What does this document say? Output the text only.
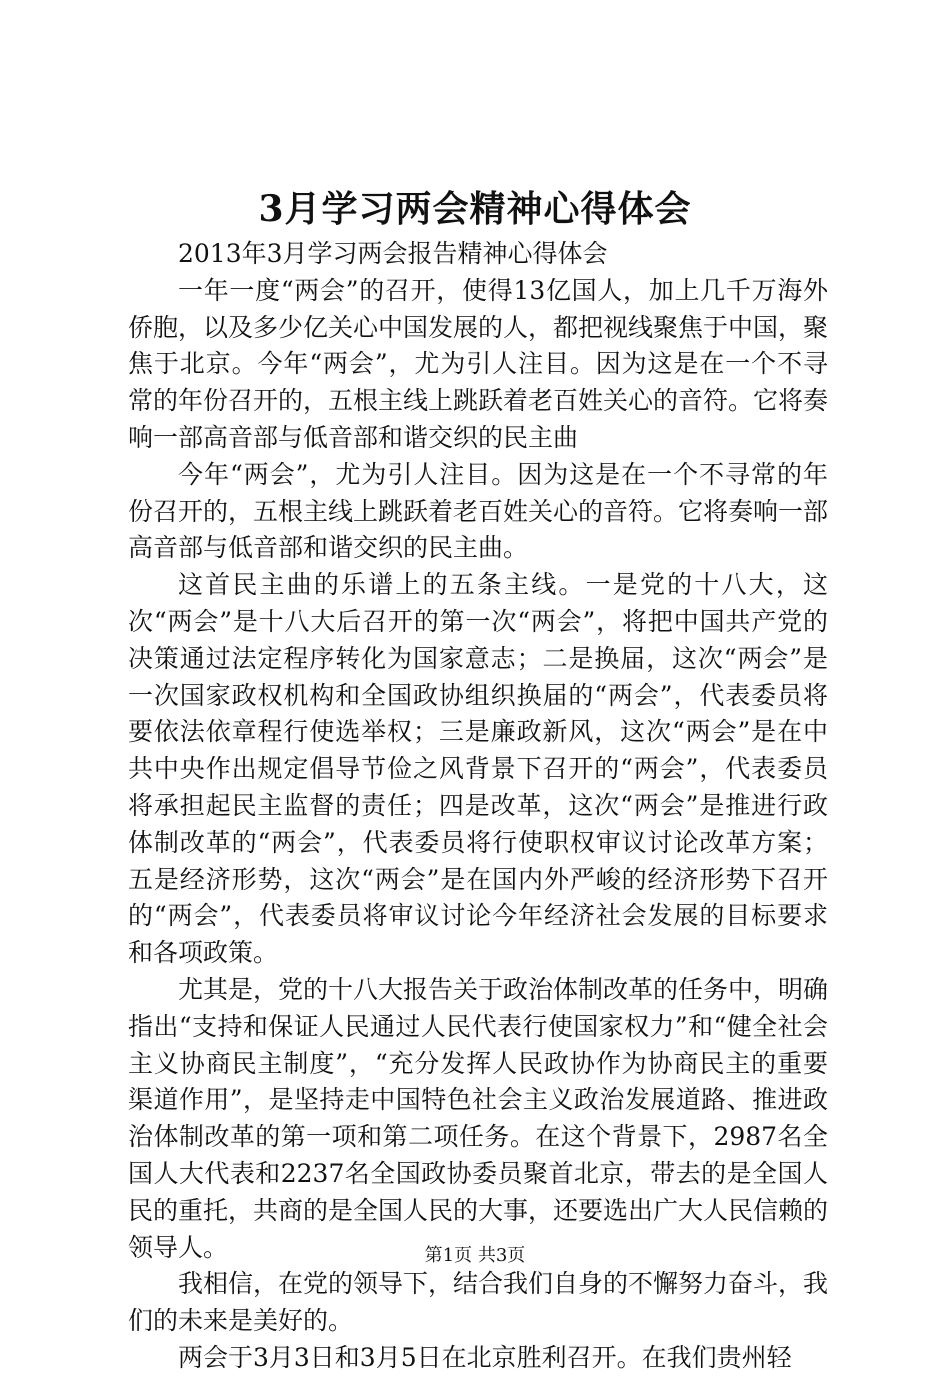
3月学习两会精神心得体会

2013年3月学习两会报告精神心得体会

一年一度“两会”的召开，使得13亿国人，加上几千万海外侨胞，以及多少亿关心中国发展的人，都把视线聚焦于中国，聚焦于北京。今年“两会”，尤为引人注目。因为这是在一个不寻常的年份召开的，五根主线上跳跃着老百姓关心的音符。它将奏响一部高音部与低音部和谐交织的民主曲

今年“两会”，尤为引人注目。因为这是在一个不寻常的年份召开的，五根主线上跳跃着老百姓关心的音符。它将奏响一部高音部与低音部和谐交织的民主曲。

这首民主曲的乐谱上的五条主线。一是党的十八大，这次“两会”是十八大后召开的第一次“两会”，将把中国共产党的决策通过法定程序转化为国家意志；二是换届，这次“两会”是一次国家政权机构和全国政协组织换届的“两会”，代表委员将要依法依章程行使选举权；三是廉政新风，这次“两会”是在中共中央作出规定倡导节俭之风背景下召开的“两会”，代表委员将承担起民主监督的责任；四是改革，这次“两会”是推进行政体制改革的“两会”，代表委员将行使职权审议讨论改革方案；五是经济形势，这次“两会”是在国内外严峻的经济形势下召开的“两会”，代表委员将审议讨论今年经济社会发展的目标要求和各项政策。

尤其是，党的十八大报告关于政治体制改革的任务中，明确指出“支持和保证人民通过人民代表行使国家权力”和“健全社会主义协商民主制度”，“充分发挥人民政协作为协商民主的重要渠道作用”，是坚持走中国特色社会主义政治发展道路、推进政治体制改革的第一项和第二项任务。在这个背景下，2987名全国人大代表和2237名全国政协委员聚首北京，带去的是全国人民的重托，共商的是全国人民的大事，还要选出广大人民信赖的领导人。

我相信，在党的领导下，结合我们自身的不懈努力奋斗，我们的未来是美好的。

两会于3月3日和3月5日在北京胜利召开。在我们贵州轻

第1页 共3页
